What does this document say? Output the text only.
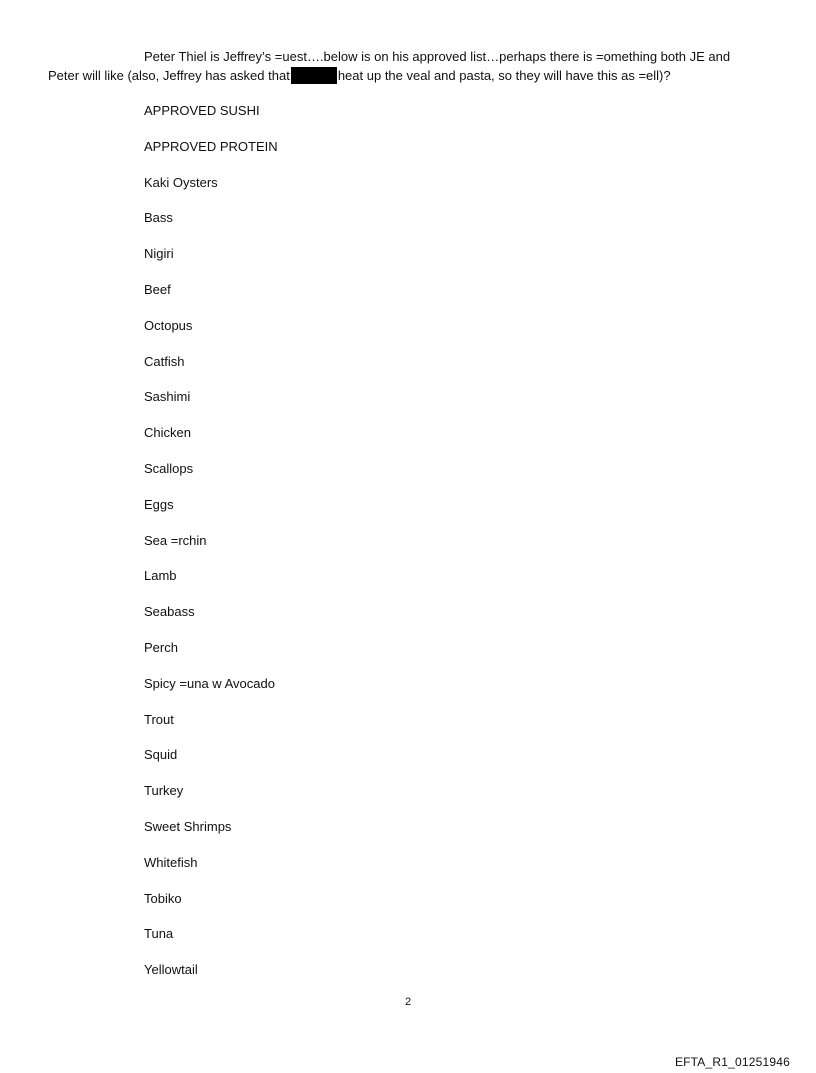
Peter Thiel is Jeffrey’s =uest….below is on his approved list…perhaps there is =omething both JE and
Peter will like (also, Jeffrey has asked that	heat up the veal and pasta, so they will have this as =ell)?
APPROVED SUSHI
APPROVED PROTEIN
Kaki Oysters
Bass
Nigiri
Beef
Octopus
Catfish
Sashimi
Chicken
Scallops
Eggs
Sea =rchin
Lamb
Seabass
Perch
Spicy =una w Avocado
Trout
Squid
Turkey
Sweet Shrimps
Whitefish
Tobiko
Tuna
Yellowtail
2
EFTA_R1_01251946
